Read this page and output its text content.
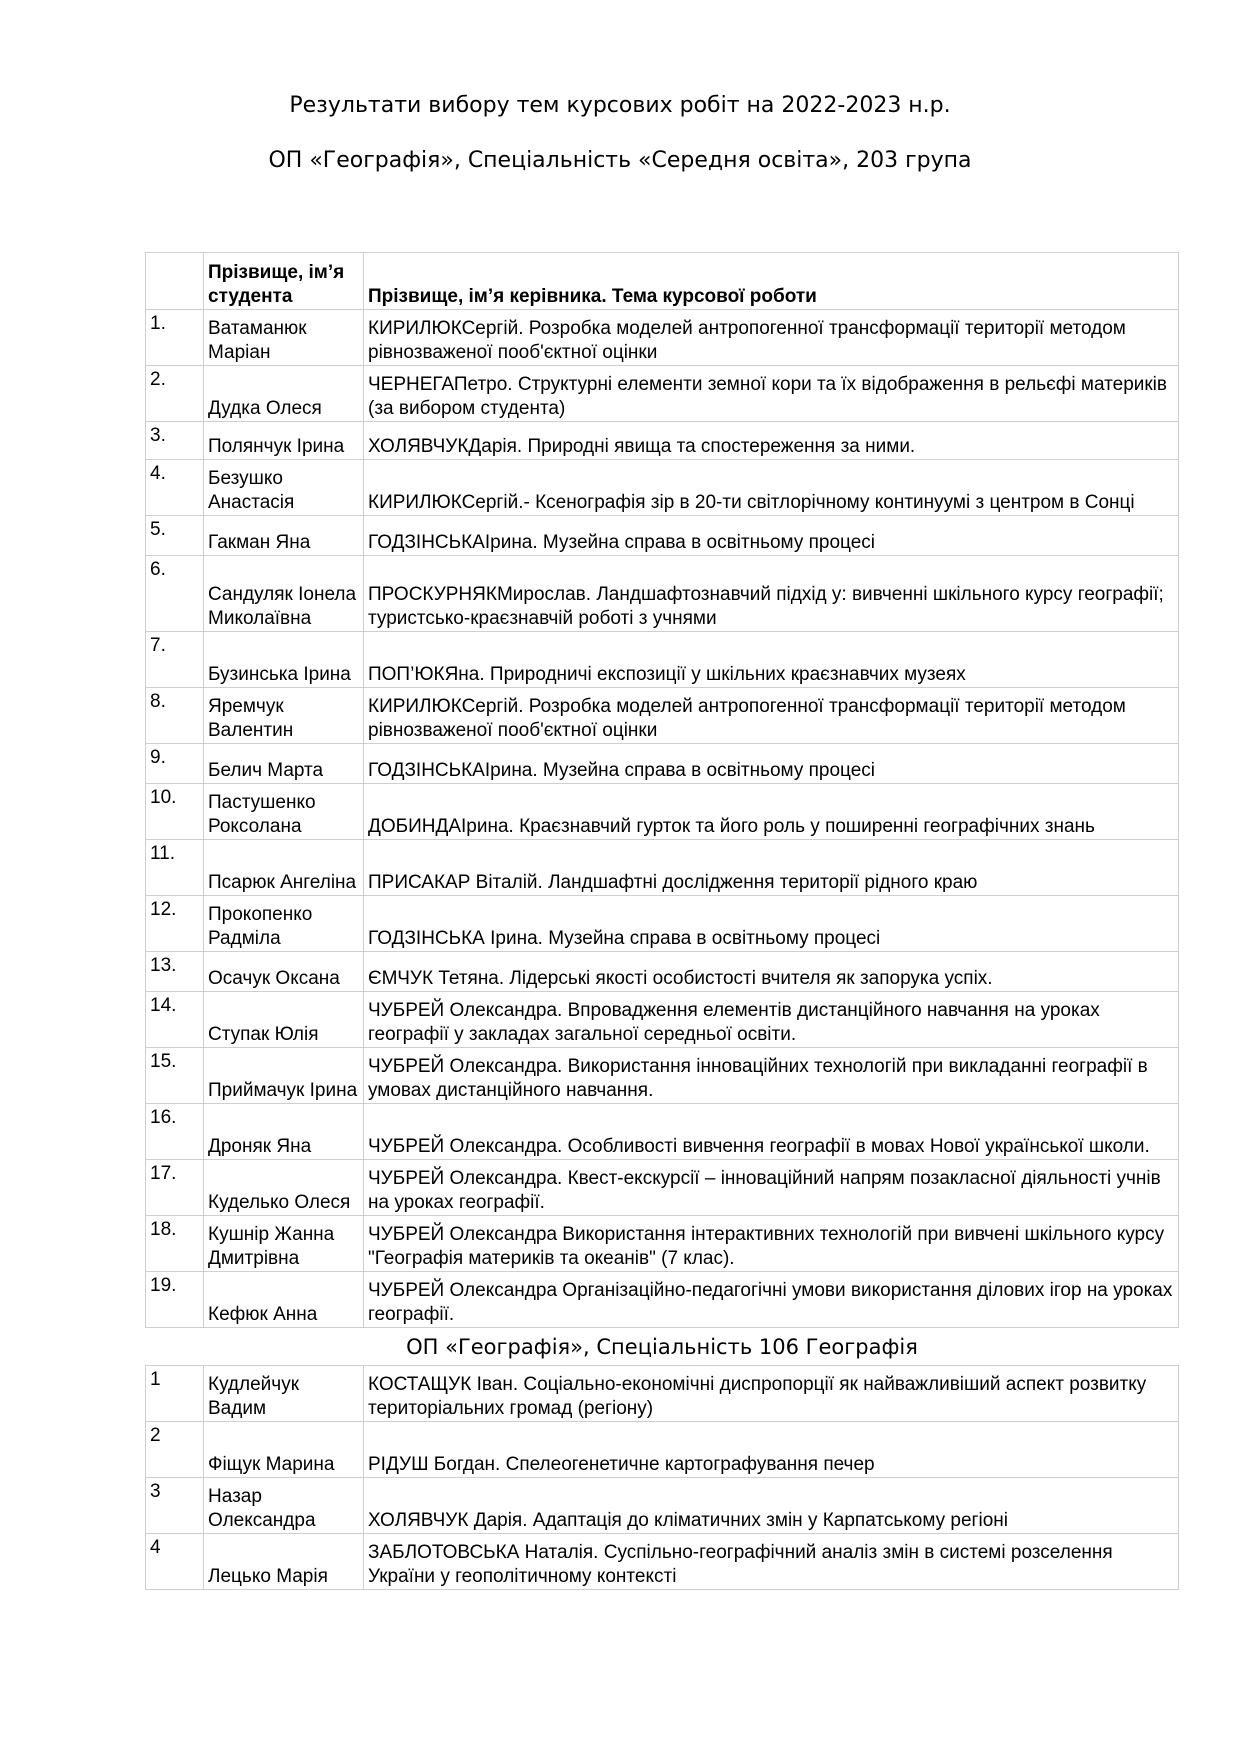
Результати вибору тем курсових робіт на 2022-2023 н.р.
ОП «Географія», Спеціальність «Середня освіта», 203 група
	Прізвище, ім’я студента	Прізвище, ім’я керівника. Тема курсової роботи
1.	Ватаманюк Маріан	КИРИЛЮКСергій. Розробка моделей антропогенної трансформації території методом рівнозваженої пооб'єктної оцінки
2.	Дудка Олеся	ЧЕРНЕГАПетро. Структурні елементи земної кори та їх відображення в рельєфі материків (за вибором студента)
3.	Полянчук Ірина	ХОЛЯВЧУКДарія. Природні явища та спостереження за ними.
4.	Безушко Анастасія	КИРИЛЮКСергій.- Ксенографія зір в 20-ти світлорічному континуумі з центром в Сонці
5.	Гакман Яна	ГОДЗІНСЬКАІрина. Музейна справа в освітньому процесі
6.	Сандуляк Іонела Миколаївна	ПРОСКУРНЯКМирослав. Ландшафтознавчий підхід у: вивченні шкільного курсу географії; туристсько-краєзнавчій роботі з учнями
7.	Бузинська Ірина	ПОП’ЮКЯна. Природничі експозиції у шкільних краєзнавчих музеях
8.	Яремчук Валентин	КИРИЛЮКСергій. Розробка моделей антропогенної трансформації території методом рівнозваженої пооб'єктної оцінки
9.	Белич Марта	ГОДЗІНСЬКАІрина. Музейна справа в освітньому процесі
10.	Пастушенко Роксолана	ДОБИНДАІрина. Краєзнавчий гурток та його роль у поширенні географічних знань
11.	Псарюк Ангеліна	ПРИСАКАР Віталій. Ландшафтні дослідження території рідного краю
12.	Прокопенко Радміла	ГОДЗІНСЬКА Ірина. Музейна справа в освітньому процесі
13.	Осачук Оксана	ЄМЧУК Тетяна. Лідерські якості особистості вчителя як запорука успіх.
14.	Ступак Юлія	ЧУБРЕЙ Олександра. Впровадження елементів дистанційного навчання на уроках географії у закладах загальної середньої освіти.
15.	Приймачук Ірина	ЧУБРЕЙ Олександра. Використання інноваційних технологій при викладанні географії в умовах дистанційного навчання.
16.	Дроняк Яна	ЧУБРЕЙ Олександра. Особливості вивчення географії в мовах Нової української школи.
17.	Куделько Олеся	ЧУБРЕЙ Олександра. Квест-екскурсії – інноваційний напрям позакласної діяльності учнів на уроках географії.
18.	Кушнір Жанна Дмитрівна	ЧУБРЕЙ Олександра Використання інтерактивних технологій при вивчені шкільного курсу "Географія материків та океанів" (7 клас).
19.	Кефюк Анна	ЧУБРЕЙ Олександра Організаційно-педагогічні умови використання ділових ігор на уроках географії.
ОП «Географія», Спеціальність 106 Географія		
1	Кудлейчук Вадим	КОСТАЩУК Іван. Соціально-економічні диспропорції як найважливіший аспект розвитку територіальних громад (регіону)
2	Фіщук Марина	РІДУШ Богдан. Спелеогенетичне картографування печер
3	Назар Олександра	ХОЛЯВЧУК Дарія. Адаптація до кліматичних змін у Карпатському регіоні
4	Лецько Марія	ЗАБЛОТОВСЬКА Наталія. Суспільно-географічний аналіз змін в системі розселення України у геополітичному контексті
